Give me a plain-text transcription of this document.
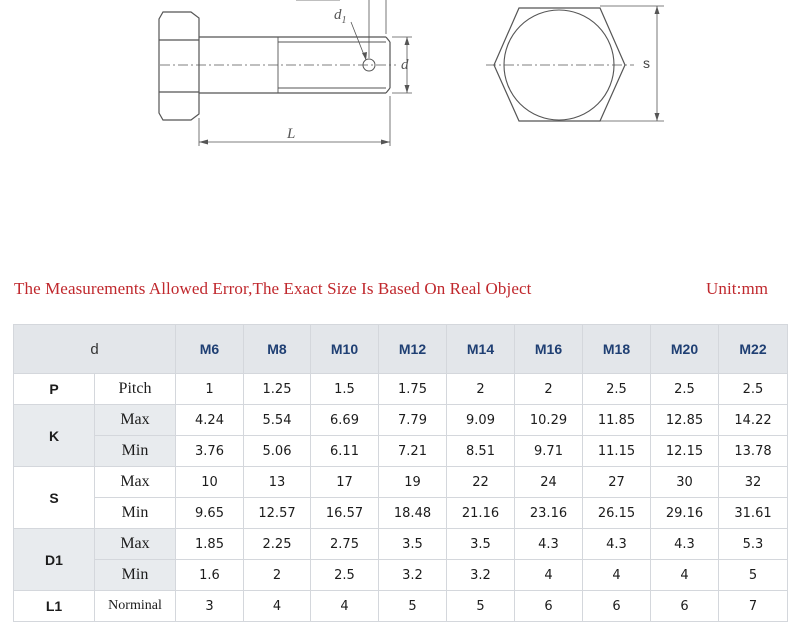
$d_1$
d
L
s
The Measurements Allowed Error,The Exact Size Is Based On Real Object	Unit:mm
d		M6	M8	M10	M12	M14	M16	M18	M20	M22
P	Pitch	1	1.25	1.5	1.75	2	2	2.5	2.5	2.5
K	Max	4.24	5.54	6.69	7.79	9.09	10.29	11.85	12.85	14.22
	Min	3.76	5.06	6.11	7.21	8.51	9.71	11.15	12.15	13.78
S	Max	10	13	17	19	22	24	27	30	32
	Min	9.65	12.57	16.57	18.48	21.16	23.16	26.15	29.16	31.61
D1	Max	1.85	2.25	2.75	3.5	3.5	4.3	4.3	4.3	5.3
	Min	1.6	2	2.5	3.2	3.2	4	4	4	5
L1	Norminal	3	4	4	5	5	6	6	6	7
